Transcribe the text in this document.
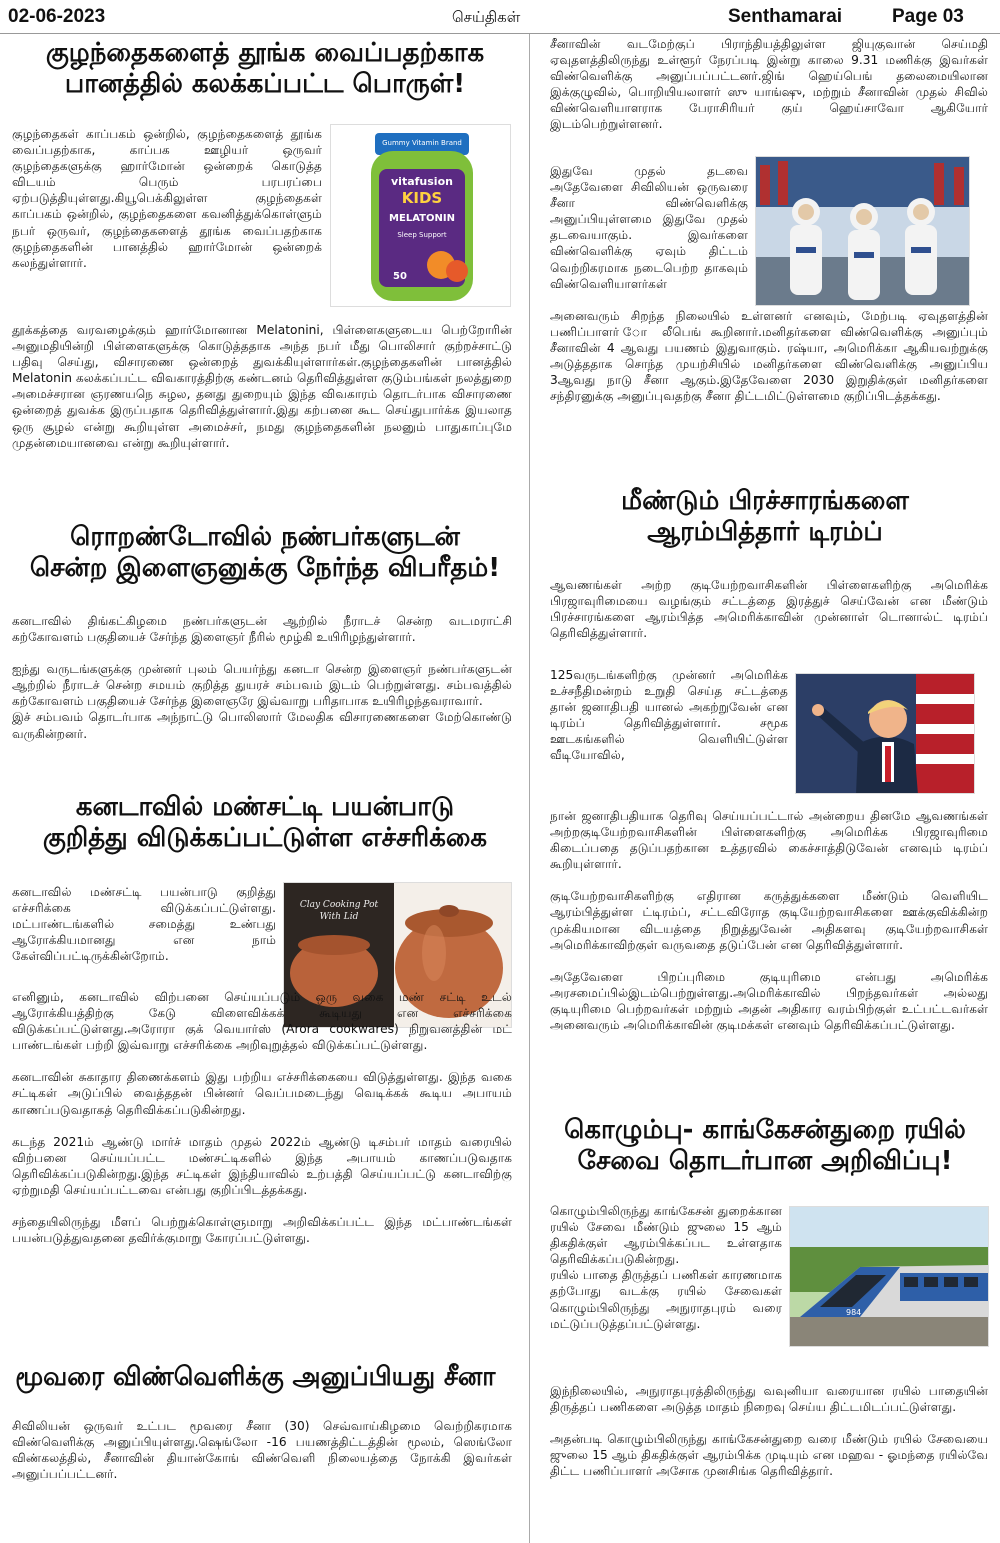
02-06-2023	செய்திகள்	Senthamarai	Page 03
குழந்தைகளைத் தூங்க வைப்பதற்காக
பானத்தில் கலக்கப்பட்ட பொருள்!
Gummy Vitamin Brand
vitafusion
KIDS
MELATONIN
Sleep Support
50

குழந்தைகள் காப்பகம் ஒன்றில், குழந்தைகளைத் தூங்க வைப்பதற்காக, காப்பக ஊழியர் ஒருவர் குழந்தைகளுக்கு ஹார்மோன் ஒன்றைக் கொடுத்த விடயம் பெரும் பரபரப்பை ஏற்படுத்தியுள்ளது.கியூபெக்கிலுள்ள குழந்தைகள் காப்பகம் ஒன்றில், குழந்தைகளை கவனித்துக்கொள்ளும் நபர் ஒருவர், குழந்தைகளைத் தூங்க வைப்பதற்காக குழந்தைகளின் பானத்தில் ஹார்மோன் ஒன்றைக் கலந்துள்ளார்.

தூக்கத்தை வரவழைக்கும் ஹார்மோனான Melatonini, பிள்ளைகளுடைய பெற்றோரின் அனுமதியின்றி பிள்ளைகளுக்கு கொடுத்ததாக அந்த நபர் மீது பொலிசார் குற்றச்சாட்டு பதிவு செய்து, விசாரணை ஒன்றைத் துவக்கியுள்ளார்கள்.குழந்தைகளின் பானத்தில் Melatonin கலக்கப்பட்ட விவகாரத்திற்கு கண்டனம் தெரிவித்துள்ள குடும்பங்கள் நலத்துறை அமைச்சரான ஞரணயநெ சுழல, தனது துறையும் இந்த விவகாரம் தொடர்பாக விசாரணை ஒன்றைத் துவக்க இருப்பதாக தெரிவித்துள்ளார்.இது கற்பனை கூட செய்துபார்க்க இயலாத ஒரு சூழல் என்று கூறியுள்ள அமைச்சர், நமது குழந்தைகளின் நலனும் பாதுகாப்புமே முதன்மையானவை என்று கூறியுள்ளார்.

ரொறண்டோவில் நண்பர்களுடன்
சென்ற இளைஞனுக்கு நேர்ந்த விபரீதம்!

கனடாவில் திங்கட்கிழமை நண்பர்களுடன் ஆற்றில் நீராடச் சென்ற வடமராட்சி கற்கோவளம் பகுதியைச் சேர்ந்த இளைஞர் நீரில் மூழ்கி உயிரிழந்துள்ளார்.

ஐந்து வருடங்களுக்கு முன்னர் புலம் பெயர்ந்து கனடா சென்ற இளைஞர் நண்பர்களுடன் ஆற்றில் நீராடச் சென்ற சமயம் குறித்த துயரச் சம்பவம் இடம் பெற்றுள்ளது. சம்பவத்தில் கற்கோவளம் பகுதியைச் சேர்ந்த இளைஞரே இவ்வாறு பரிதாபாக உயிரிழந்தவராவார்.

இச் சம்பவம் தொடர்பாக அந்நாட்டு பொலிஸார் மேலதிக விசாரணைகளை மேற்கொண்டு வருகின்றனர்.

கனடாவில் மண்சட்டி பயன்பாடு
குறித்து விடுக்கப்பட்டுள்ள எச்சரிக்கை
Clay Cooking Pot
With Lid

கனடாவில் மண்சட்டி பயன்பாடு குறித்து எச்சரிக்கை விடுக்கப்பட்டுள்ளது. மட்பாண்டங்களில் சமைத்து உண்பது ஆரோக்கியமானது என நாம் கேள்விப்பட்டிருக்கின்றோம்.

எனினும், கனடாவில் விற்பனை செய்யப்படும் ஒரு வகை மண் சட்டி உடல் ஆரோக்கியத்திற்கு கேடு விளைவிக்கக் கூடியது என எச்சரிக்கை விடுக்கப்பட்டுள்ளது.அரோரா குக் வெயார்ஸ் (Arora cookwares) நிறுவனத்தின் மட் பாண்டங்கள் பற்றி இவ்வாறு எச்சரிக்கை அறிவுறுத்தல் விடுக்கப்பட்டுள்ளது.

கனடாவின் சுகாதார திணைக்களம் இது பற்றிய எச்சரிக்கையை விடுத்துள்ளது. இந்த வகை சட்டிகள் அடுப்பில் வைத்ததன் பின்னர் வெப்பமடைந்து வெடிக்கக் கூடிய அபாயம் காணப்படுவதாகத் தெரிவிக்கப்படுகின்றது.

கடந்த 2021ம் ஆண்டு மார்ச் மாதம் முதல் 2022ம் ஆண்டு டிசம்பர் மாதம் வரையில் விற்பனை செய்யப்பட்ட மண்சட்டிகளில் இந்த அபாயம் காணப்படுவதாக தெரிவிக்கப்படுகின்றது.இந்த சட்டிகள் இந்தியாவில் உற்பத்தி செய்யப்பட்டு கனடாவிற்கு ஏற்றுமதி செய்யப்பட்டவை என்பது குறிப்பிடத்தக்கது.

சந்தையிலிருந்து மீளப் பெற்றுக்கொள்ளுமாறு அறிவிக்கப்பட்ட இந்த மட்பாண்டங்கள் பயன்படுத்துவதனை தவிர்க்குமாறு கோரப்பட்டுள்ளது.

மூவரை விண்வெளிக்கு அனுப்பியது சீனா

சிவிலியன் ஒருவர் உட்பட மூவரை சீனா (30) செவ்வாய்கிழமை வெற்றிகரமாக விண்வெளிக்கு அனுப்பியுள்ளது.ஷெங்லோ -16 பயணத்திட்டத்தின் மூலம், ஸெங்லோ விண்கலத்தில், சீனாவின் தியான்கோங் விண்வெளி நிலையத்தை நோக்கி இவர்கள் அனுப்பப்பட்டனர்.

சீனாவின் வடமேற்குப் பிராந்தியத்திலுள்ள ஜியுகுவான் செய்மதி ஏவுதளத்திலிருந்து உள்ளூர் நேரப்படி இன்று காலை 9.31 மணிக்கு இவர்கள் விண்வெளிக்கு அனுப்பப்பட்டனர்.ஜிங் ஹெய்பெங் தலைமையிலான இக்குழுவில், பொறியியலாளர் ஸு யாங்ஷு, மற்றும் சீனாவின் முதல் சிவில் விண்வெளியாளராக பேராசிரியர் குய் ஹெய்சாவோ ஆகியோர் இடம்பெற்றுள்ளனர்.

இதுவே முதல் தடவை அதேவேளை சிவிலியன் ஒருவரை சீனா விண்வெளிக்கு அனுப்பியுள்ளமை இதுவே முதல் தடவையாகும். இவர்களை விண்வெளிக்கு ஏவும் திட்டம் வெற்றிகரமாக நடைபெற்ற தாகவும் விண்வெளியாளர்கள்

அனைவரும் சிறந்த நிலையில் உள்ளனர் எனவும், மேற்படி ஏவுதளத்தின் பணிப்பாளர் ோ லீபெங் கூறினார்.மனிதர்களை விண்வெளிக்கு அனுப்பும் சீனாவின் 4 ஆவது பயணம் இதுவாகும். ரஷ்யா, அமெரிக்கா ஆகியவற்றுக்கு அடுத்ததாக சொந்த முயற்சியில் மனிதர்களை விண்வெளிக்கு அனுப்பிய 3ஆவது நாடு சீனா ஆகும்.இதேவேளை 2030 இறுதிக்குள் மனிதர்களை சந்திரனுக்கு அனுப்புவதற்கு சீனா திட்டமிட்டுள்ளமை குறிப்பிடத்தக்கது.

மீண்டும் பிரச்சாரங்களை
ஆரம்பித்தார் டிரம்ப்

ஆவணங்கள் அற்ற குடியேற்றவாசிகளின் பிள்ளைகளிற்கு அமெரிக்க பிரஜாவுரிமையை வழங்கும் சட்டத்தை இரத்துச் செய்வேன் என மீண்டும் பிரச்சாரங்களை ஆரம்பித்த அமெரிக்காவின் முன்னாள் டொனால்ட் டிரம்ப் தெரிவித்துள்ளார்.

125வருடங்களிற்கு முன்னர் அமெரிக்க உச்சநீதிமன்றம் உறுதி செய்த சட்டத்தை தான் ஜனாதிபதி யானல் அகற்றுவேன் என டிரம்ப் தெரிவித்துள்ளார். சமூக ஊடகங்களில் வெளியிட்டுள்ள வீடியோவில்,

நான் ஜனாதிபதியாக தெரிவு செய்யப்பட்டால் அன்றைய தினமே ஆவணங்கள் அற்றகுடியேற்றவாசிகளின் பிள்ளைகளிற்கு அமெரிக்க பிரஜாவுரிமை கிடைப்பதை தடுப்பதற்கான உத்தரவில் கைச்சாத்திடுவேன் எனவும் டிரம்ப் கூறியுள்ளார்.

குடியேற்றவாசிகளிற்கு எதிரான கருத்துக்களை மீண்டும் வெளியிட ஆரம்பித்துள்ள ட்டிரம்ப், சட்டவிரோத குடியேற்றவாசிகளை ஊக்குவிக்கின்ற முக்கியமான விடயத்தை நிறுத்துவேன் அதிகளவு குடியேற்றவாசிகள் அமெரிக்காவிற்குள் வருவதை தடுப்பேன் என தெரிவித்துள்ளார்.

அதேவேளை பிறப்புரிமை குடியுரிமை என்பது அமெரிக்க அரசமைப்பில்இடம்பெற்றுள்ளது.அமெரிக்காவில் பிறந்தவர்கள் அல்லது குடியுரிமை பெற்றவர்கள் மற்றும் அதன் அதிகார வரம்பிற்குள் உட்பட்டவர்கள் அனைவரும் அமெரிக்காவின் குடிமக்கள் எனவும் தெரிவிக்கப்பட்டுள்ளது.

கொழும்பு- காங்கேசன்துறை ரயில்
சேவை தொடர்பான அறிவிப்பு!
984

கொழும்பிலிருந்து காங்கேசன் துறைக்கான ரயில் சேவை மீண்டும் ஜுலை 15 ஆம் திகதிக்குள் ஆரம்பிக்கப்பட உள்ளதாக தெரிவிக்கப்படுகின்றது.

ரயில் பாதை திருத்தப் பணிகள் காரணமாக தற்போது வடக்கு ரயில் சேவைகள் கொழும்பிலிருந்து அநுராதபுரம் வரை மட்டுப்படுத்தப்பட்டுள்ளது.

இந்நிலையில், அநுராதபுரத்திலிருந்து வவுனியா வரையான ரயில் பாதையின் திருத்தப் பணிகளை அடுத்த மாதம் நிறைவு செய்ய திட்டமிடப்பட்டுள்ளது.

அதன்படி கொழும்பிலிருந்து காங்கேசன்துறை வரை மீண்டும் ரயில் சேவையை ஜுலை 15 ஆம் திகதிக்குள் ஆரம்பிக்க முடியும் என மஹவ - ஓமந்தை ரயில்வே திட்ட பணிப்பாளர் அசோக முனசிங்க தெரிவித்தார்.
